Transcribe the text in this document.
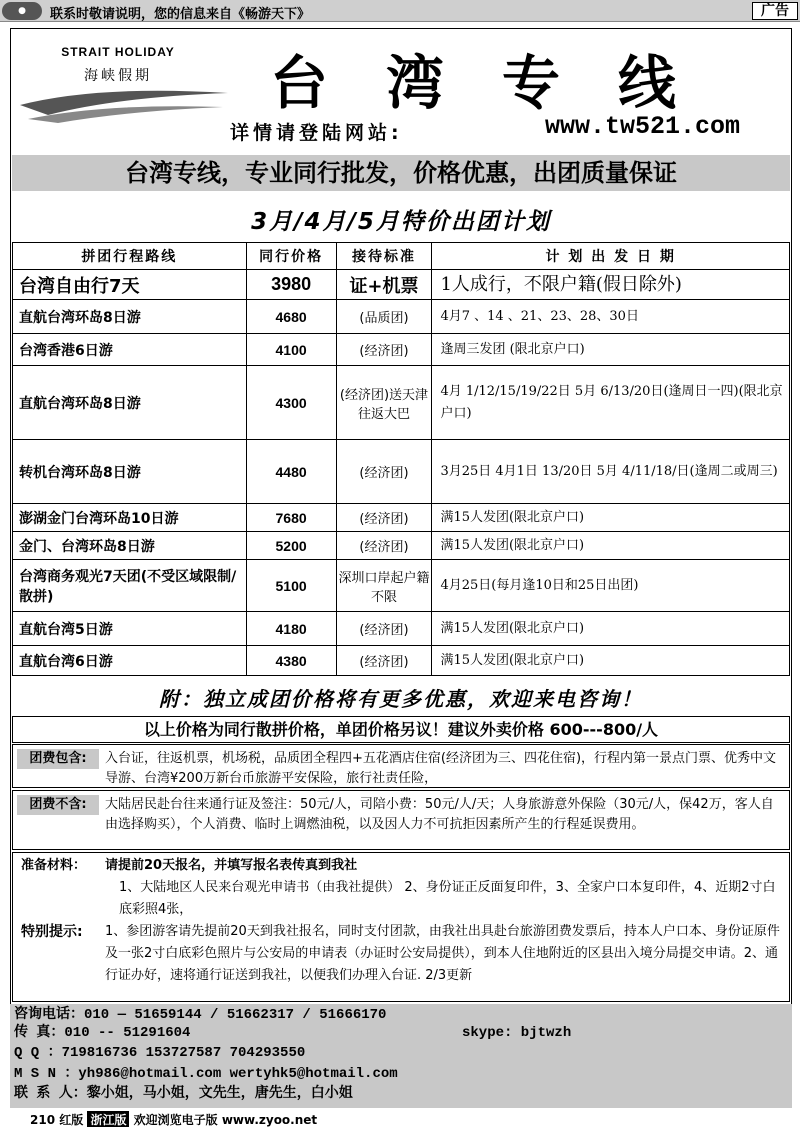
●	联系时敬请说明，您的信息来自《畅游天下》	广告
STRAIT HOLIDAY
海峡假期	台湾专线
详情请登陆网站:	www.tw521.com
台湾专线，专业同行批发，价格优惠，出团质量保证
3月/4月/5月特价出团计划
拼团行程路线	同行价格	接待标准	计 划 出 发 日 期
台湾自由行7天	3980	证+机票	1人成行，不限户籍(假日除外)
直航台湾环岛8日游	4680	(品质团)	4月7 、14 、21、23、28、30日
台湾香港6日游	4100	(经济团)	逢周三发团 (限北京户口)
直航台湾环岛8日游	4300	(经济团)送天津往返大巴	4月 1/12/15/19/22日 5月 6/13/20日(逢周日一四)(限北京户口)
转机台湾环岛8日游	4480	(经济团)	3月25日 4月1日 13/20日 5月 4/11/18/日(逢周二或周三)
澎湖金门台湾环岛10日游	7680	(经济团)	满15人发团(限北京户口)
金门、台湾环岛8日游	5200	(经济团)	满15人发团(限北京户口)
台湾商务观光7天团(不受区域限制/散拼)	5100	深圳口岸起户籍不限	4月25日(每月逢10日和25日出团)
直航台湾5日游	4180	(经济团)	满15人发团(限北京户口)
直航台湾6日游	4380	(经济团)	满15人发团(限北京户口)
附：独立成团价格将有更多优惠，欢迎来电咨询！
以上价格为同行散拼价格，单团价格另议！建议外卖价格 600---800/人
团费包含:	入台证，往返机票，机场税，品质团全程四+五花酒店住宿(经济团为三、四花住宿)，行程内第一景点门票、优秀中文导游、台湾¥200万新台币旅游平安保险，旅行社责任险，
团费不含:	大陆居民赴台往来通行证及签注：50元/人，司陪小费：50元/人/天；人身旅游意外保险（30元/人，保42万，客人自由选择购买），个人消费、临时上调燃油税，以及因人力不可抗拒因素所产生的行程延误费用。
准备材料： 请提前20天报名，并填写报名表传真到我社
1、大陆地区人民来台观光申请书（由我社提供） 2、身份证正反面复印件，3、全家户口本复印件，4、近期2寸白底彩照4张，
特别提示: 1、参团游客请先提前20天到我社报名，同时支付团款，由我社出具赴台旅游团费发票后，持本人户口本、身份证原件及一张2寸白底彩色照片与公安局的申请表（办证时公安局提供），到本人住地附近的区县出入境分局提交申请。2、通行证办好，速将通行证送到我社，以便我们办理入台证. 2/3更新
咨询电话：010 — 51659144 / 51662317 / 51666170
传 真：010 -- 51291604	skype: bjtwzh
Q Q ：719816736 153727587 704293550
M S N ：yh986@hotmail.com wertyhk5@hotmail.com
联 系 人：黎小姐，马小姐，文先生，唐先生，白小姐
210 红版 浙江版 欢迎浏览电子版 www.zyoo.net
